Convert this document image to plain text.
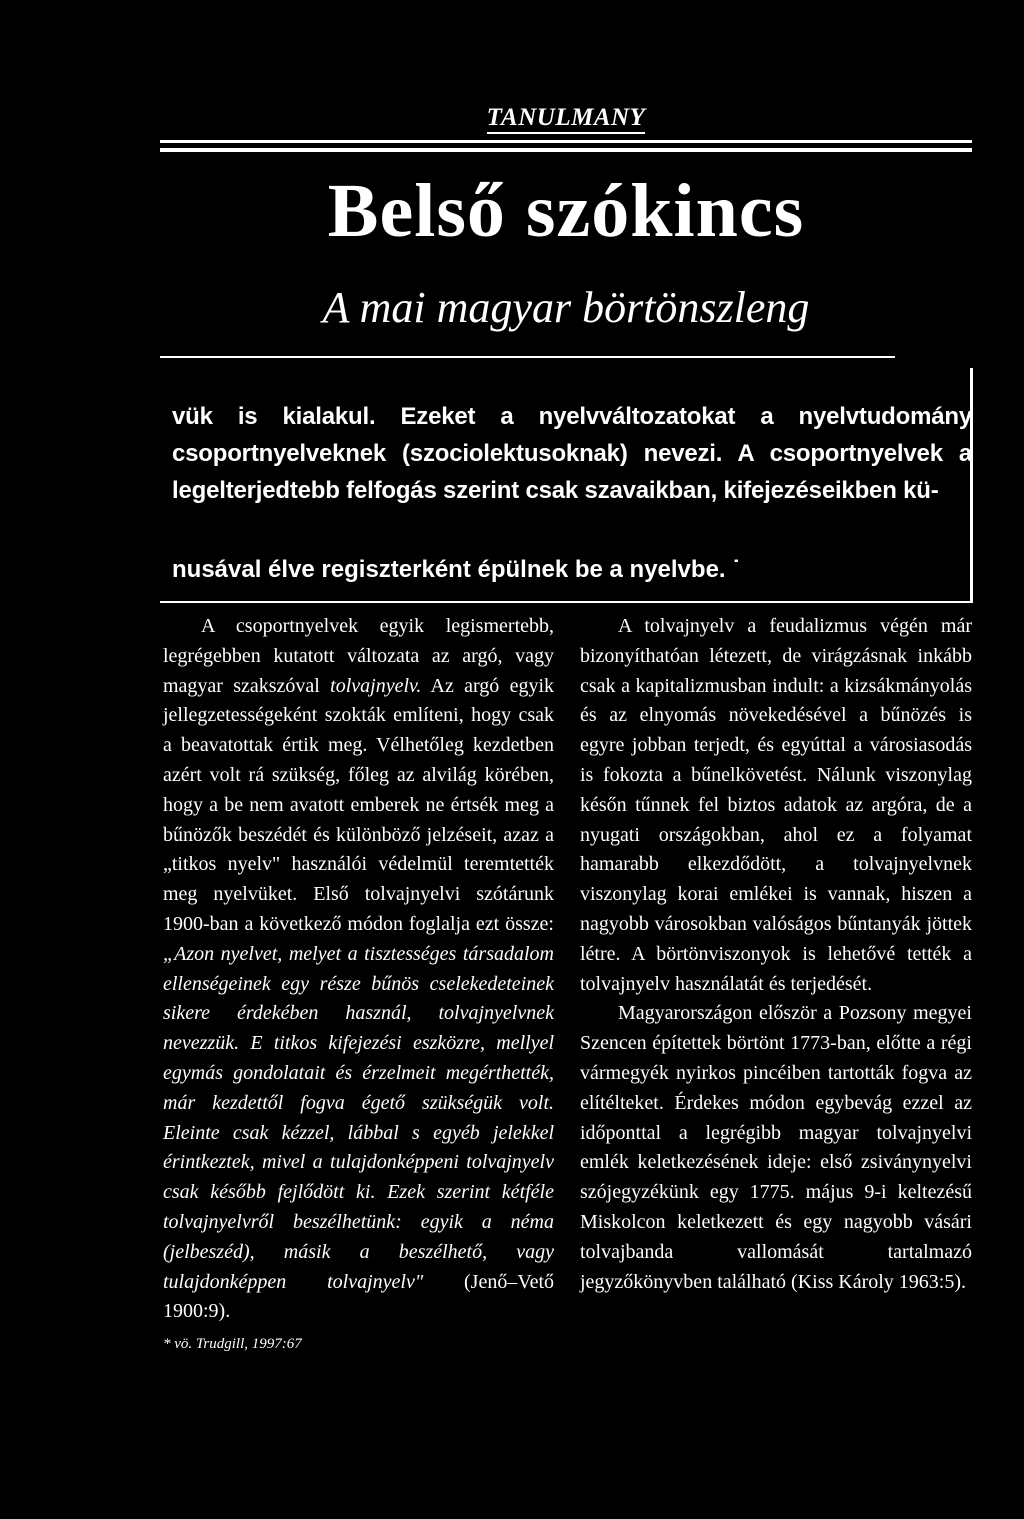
TANULMANY
Belső szókincs
A mai magyar börtönszleng
vük is kialakul. Ezeket a nyelvváltozatokat a nyelvtudomány csoportnyelveknek (szociolektusoknak) nevezi. A csoportnyelvek a legelterjedtebb felfogás szerint csak szavaikban, kifejezéseikben kü-
nusával élve regiszterként épülnek be a nyelvbe. ˙

A csoportnyelvek egyik legismertebb, legrégebben kutatott változata az argó, vagy magyar szakszóval tolvajnyelv. Az argó egyik jellegzetességeként szokták említeni, hogy csak a beavatottak értik meg. Vélhetőleg kezdetben azért volt rá szükség, főleg az alvilág körében, hogy a be nem avatott emberek ne értsék meg a bűnözők beszédét és különböző jelzéseit, azaz a „titkos nyelv" használói védelmül teremtették meg nyelvüket. Első tolvajnyelvi szótárunk 1900-ban a következő módon foglalja ezt össze: „Azon nyelvet, melyet a tisztességes társadalom ellenségeinek egy része bűnös cselekedeteinek sikere érdekében használ, tolvajnyelvnek nevezzük. E titkos kifejezési eszközre, mellyel egymás gondolatait és érzelmeit megérthették, már kezdettől fogva égető szükségük volt. Eleinte csak kézzel, lábbal s egyéb jelekkel érintkeztek, mivel a tulajdonképpeni tolvajnyelv csak később fejlődött ki. Ezek szerint kétféle tolvajnyelvről beszélhetünk: egyik a néma (jelbeszéd), másik a beszélhető, vagy tulajdonképpen tolvajnyelv" (Jenő–Vető 1900:9).

* vö. Trudgill, 1997:67

A tolvajnyelv a feudalizmus végén már bizonyíthatóan létezett, de virágzásnak inkább csak a kapitalizmusban indult: a kizsákmányolás és az elnyomás növekedésével a bűnözés is egyre jobban terjedt, és egyúttal a városiasodás is fokozta a bűnelkövetést. Nálunk viszonylag későn tűnnek fel biztos adatok az argóra, de a nyugati országokban, ahol ez a folyamat hamarabb elkezdődött, a tolvajnyelvnek viszonylag korai emlékei is vannak, hiszen a nagyobb városokban valóságos bűntanyák jöttek létre. A börtönviszonyok is lehetővé tették a tolvajnyelv használatát és terjedését.

Magyarországon először a Pozsony megyei Szencen építettek börtönt 1773-ban, előtte a régi vármegyék nyirkos pincéiben tartották fogva az elítélteket. Érdekes módon egybevág ezzel az időponttal a legrégibb magyar tolvajnyelvi emlék keletkezésének ideje: első zsiványnyelvi szójegyzékünk egy 1775. május 9-i keltezésű Miskolcon keletkezett és egy nagyobb vásári tolvajbanda vallomását tartalmazó jegyzőkönyvben található (Kiss Károly 1963:5).
